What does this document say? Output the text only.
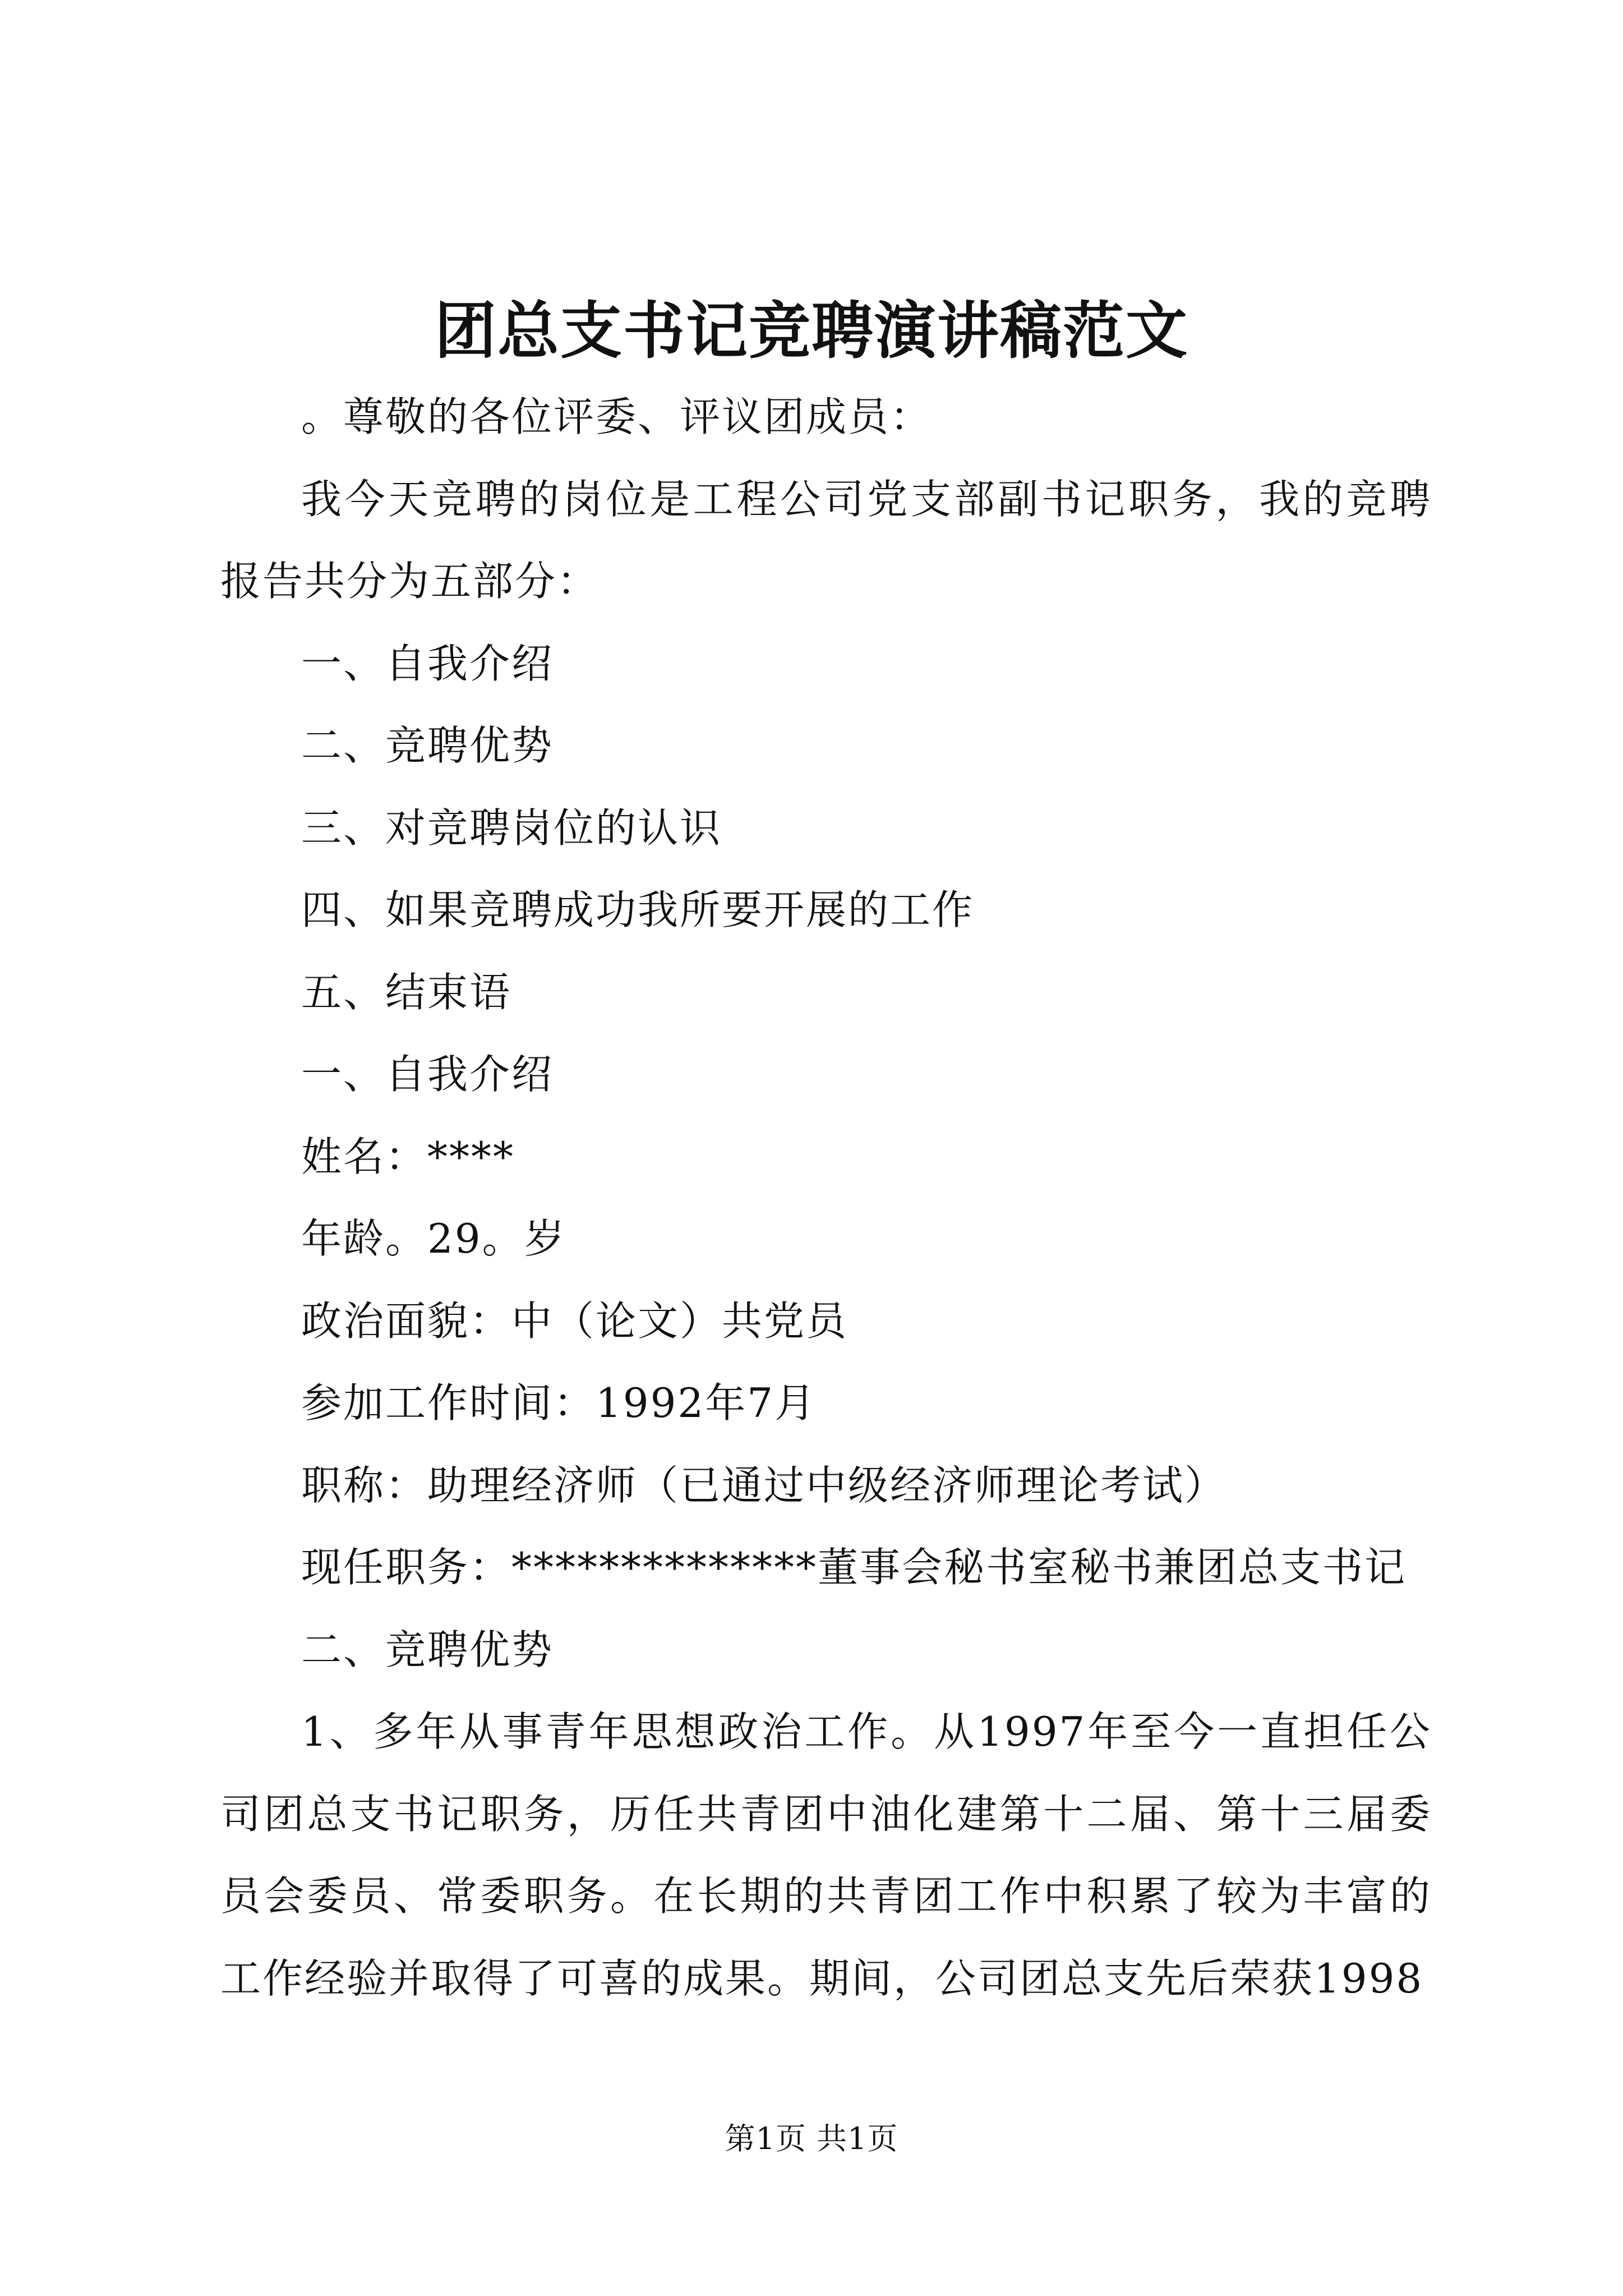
团总支书记竞聘演讲稿范文

。尊敬的各位评委、评议团成员：

我今天竞聘的岗位是工程公司党支部副书记职务，我的竞聘报告共分为五部分：

一、自我介绍

二、竞聘优势

三、对竞聘岗位的认识

四、如果竞聘成功我所要开展的工作

五、结束语

一、自我介绍

姓名：****

年龄。29。岁

政治面貌：中（论文）共党员

参加工作时间：1992年7月

职称：助理经济师（已通过中级经济师理论考试）

现任职务：**************董事会秘书室秘书兼团总支书记

二、竞聘优势

1、多年从事青年思想政治工作。从1997年至今一直担任公司团总支书记职务，历任共青团中油化建第十二届、第十三届委员会委员、常委职务。在长期的共青团工作中积累了较为丰富的工作经验并取得了可喜的成果。期间，公司团总支先后荣获1998

第1页 共1页
